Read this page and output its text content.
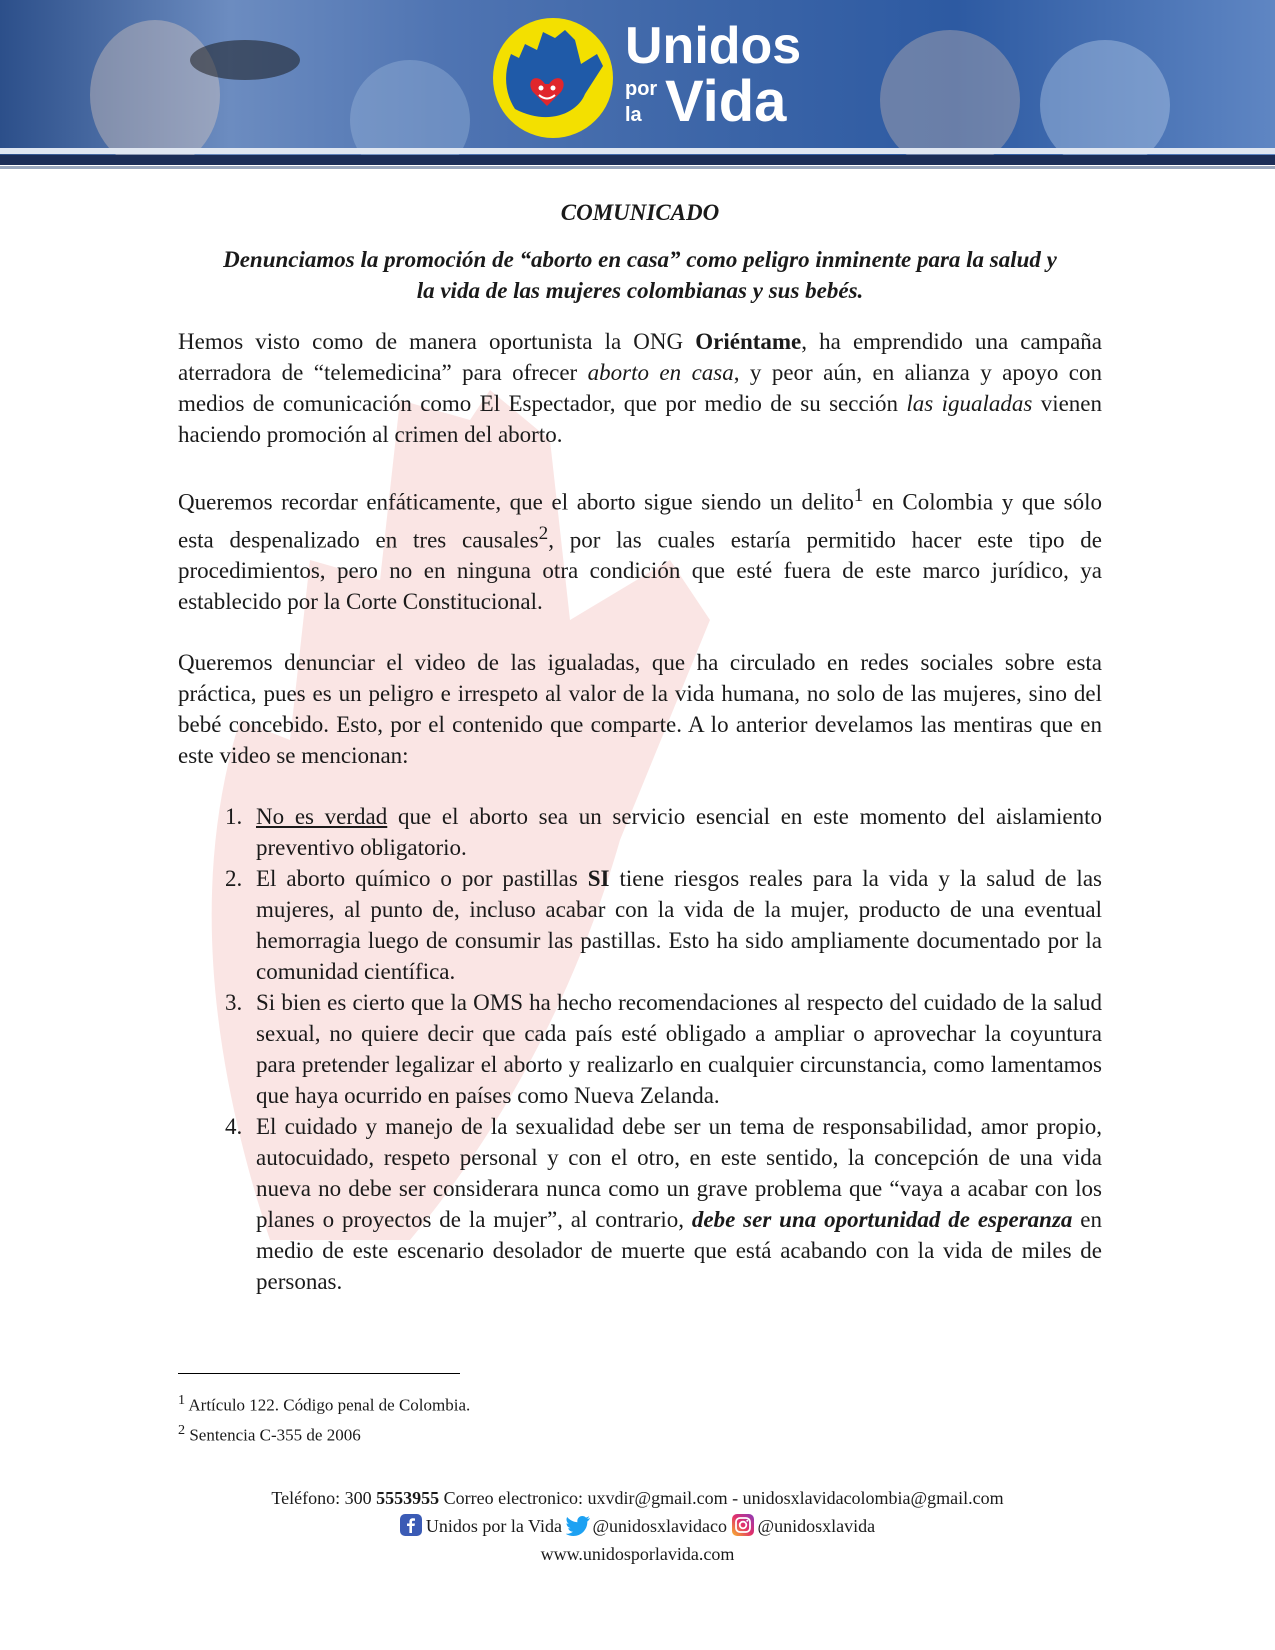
Unidos
por
la Vida
COMUNICADO
Denunciamos la promoción de “aborto en casa” como peligro inminente para la salud y la vida de las mujeres colombianas y sus bebés.

Hemos visto como de manera oportunista la ONG Oriéntame, ha emprendido una campaña aterradora de “telemedicina” para ofrecer aborto en casa, y peor aún, en alianza y apoyo con medios de comunicación como El Espectador, que por medio de su sección las igualadas vienen haciendo promoción al crimen del aborto.

Queremos recordar enfáticamente, que el aborto sigue siendo un delito$^1$ en Colombia y que sólo esta despenalizado en tres causales$^2$, por las cuales estaría permitido hacer este tipo de procedimientos, pero no en ninguna otra condición que esté fuera de este marco jurídico, ya establecido por la Corte Constitucional.

Queremos denunciar el video de las igualadas, que ha circulado en redes sociales sobre esta práctica, pues es un peligro e irrespeto al valor de la vida humana, no solo de las mujeres, sino del bebé concebido. Esto, por el contenido que comparte. A lo anterior develamos las mentiras que en este video se mencionan:

1. No es verdad que el aborto sea un servicio esencial en este momento del aislamiento preventivo obligatorio.
2. El aborto químico o por pastillas SI tiene riesgos reales para la vida y la salud de las mujeres, al punto de, incluso acabar con la vida de la mujer, producto de una eventual hemorragia luego de consumir las pastillas. Esto ha sido ampliamente documentado por la comunidad científica.
3. Si bien es cierto que la OMS ha hecho recomendaciones al respecto del cuidado de la salud sexual, no quiere decir que cada país esté obligado a ampliar o aprovechar la coyuntura para pretender legalizar el aborto y realizarlo en cualquier circunstancia, como lamentamos que haya ocurrido en países como Nueva Zelanda.
4. El cuidado y manejo de la sexualidad debe ser un tema de responsabilidad, amor propio, autocuidado, respeto personal y con el otro, en este sentido, la concepción de una vida nueva no debe ser considerara nunca como un grave problema que “vaya a acabar con los planes o proyectos de la mujer”, al contrario, debe ser una oportunidad de esperanza en medio de este escenario desolador de muerte que está acabando con la vida de miles de personas.
$^1$ Artículo 122. Código penal de Colombia.
$^2$ Sentencia C-355 de 2006
Teléfono: 300 5553955 Correo electronico: uxvdir@gmail.com - unidosxlavidacolombia@gmail.com
Unidos por la Vida @unidosxlavidaco @unidosxlavida
www.unidosporlavida.com
